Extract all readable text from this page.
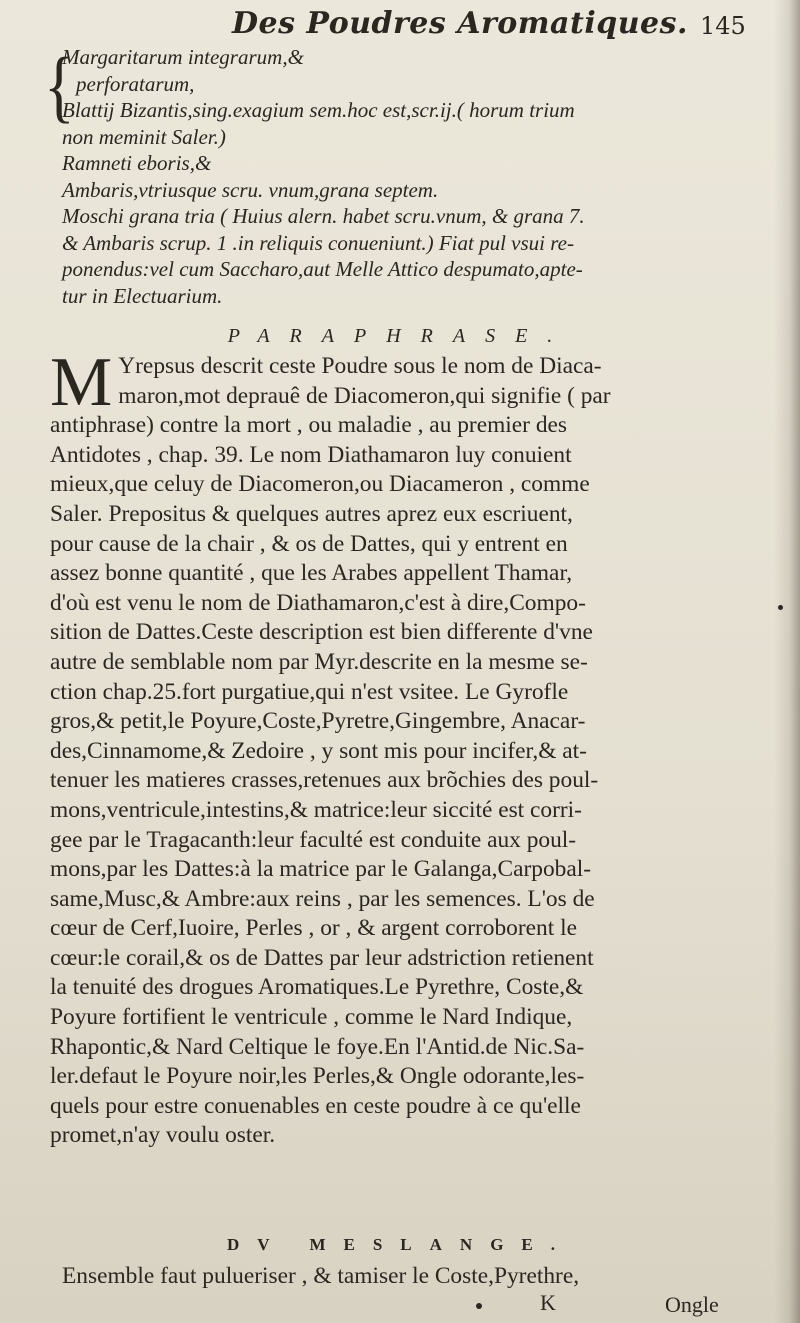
Des Poudres Aromatiques. 145
{
Margaritarum integrarum,&
perforatarum,
Blattij Bizantis,sing.exagium sem.hoc est,scr.ij.( horum trium
non meminit Saler.)
Ramneti eboris,&
Ambaris,vtriusque scru. vnum,grana septem.
Moschi grana tria ( Huius alern. habet scru.vnum, & grana 7.
& Ambaris scrup. 1 .in reliquis conueniunt.) Fiat pul vsui re-
ponendus:vel cum Saccharo,aut Melle Attico despumato,apte-
tur in Electuarium.
PARAPHRASE.
M Yrepsus descrit ceste Poudre sous le nom de Diaca-
maron,mot deprauê de Diacomeron,qui signifie ( par
antiphrase) contre la mort , ou maladie , au premier des
Antidotes , chap. 39. Le nom Diathamaron luy conuient
mieux,que celuy de Diacomeron,ou Diacameron , comme
Saler. Prepositus & quelques autres aprez eux escriuent,
pour cause de la chair , & os de Dattes, qui y entrent en
assez bonne quantité , que les Arabes appellent Thamar,
d'où est venu le nom de Diathamaron,c'est à dire,Compo-
sition de Dattes.Ceste description est bien differente d'vne
autre de semblable nom par Myr.descrite en la mesme se-
ction chap.25.fort purgatiue,qui n'est vsitee. Le Gyrofle
gros,& petit,le Poyure,Coste,Pyretre,Gingembre, Anacar-
des,Cinnamome,& Zedoire , y sont mis pour incifer,& at-
tenuer les matieres crasses,retenues aux brõchies des poul-
mons,ventricule,intestins,& matrice:leur siccité est corri-
gee par le Tragacanth:leur faculté est conduite aux poul-
mons,par les Dattes:à la matrice par le Galanga,Carpobal-
same,Musc,& Ambre:aux reins , par les semences. L'os de
cœur de Cerf,Iuoire, Perles , or , & argent corroborent le
cœur:le corail,& os de Dattes par leur adstriction retienent
la tenuité des drogues Aromatiques.Le Pyrethre, Coste,&
Poyure fortifient le ventricule , comme le Nard Indique,
Rhapontic,& Nard Celtique le foye.En l'Antid.de Nic.Sa-
ler.defaut le Poyure noir,les Perles,& Ongle odorante,les-
quels pour estre conuenables en ceste poudre à ce qu'elle
promet,n'ay voulu oster.
DV MESLANGE.
Ensemble faut pulueriser , & tamiser le Coste,Pyrethre,
K	Ongle
